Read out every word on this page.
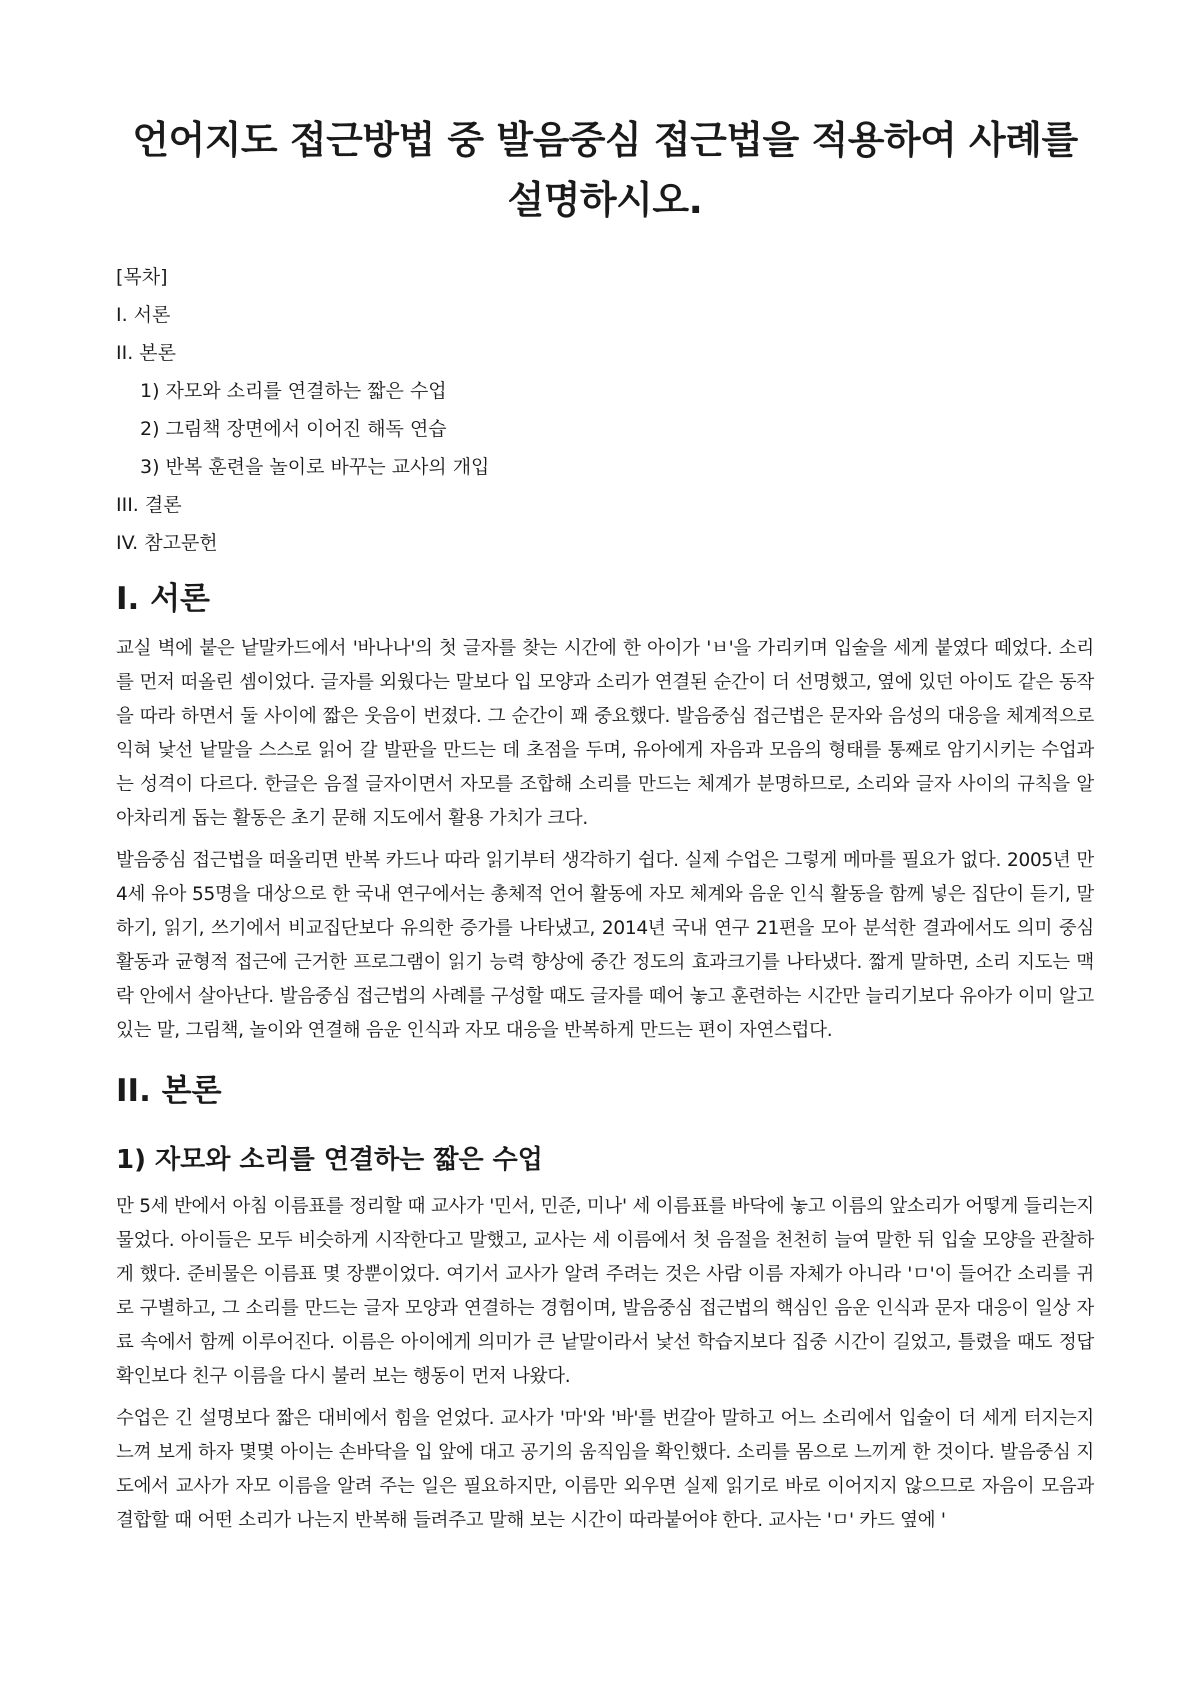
언어지도 접근방법 중 발음중심 접근법을 적용하여 사례를 설명하시오.
[목차]
I. 서론
II. 본론
1) 자모와 소리를 연결하는 짧은 수업
2) 그림책 장면에서 이어진 해독 연습
3) 반복 훈련을 놀이로 바꾸는 교사의 개입
III. 결론
IV. 참고문헌
I. 서론

교실 벽에 붙은 낱말카드에서 '바나나'의 첫 글자를 찾는 시간에 한 아이가 'ㅂ'을 가리키며 입술을 세게 붙였다 떼었다. 소리를 먼저 떠올린 셈이었다. 글자를 외웠다는 말보다 입 모양과 소리가 연결된 순간이 더 선명했고, 옆에 있던 아이도 같은 동작을 따라 하면서 둘 사이에 짧은 웃음이 번졌다. 그 순간이 꽤 중요했다. 발음중심 접근법은 문자와 음성의 대응을 체계적으로 익혀 낯선 낱말을 스스로 읽어 갈 발판을 만드는 데 초점을 두며, 유아에게 자음과 모음의 형태를 통째로 암기시키는 수업과는 성격이 다르다. 한글은 음절 글자이면서 자모를 조합해 소리를 만드는 체계가 분명하므로, 소리와 글자 사이의 규칙을 알아차리게 돕는 활동은 초기 문해 지도에서 활용 가치가 크다.

발음중심 접근법을 떠올리면 반복 카드나 따라 읽기부터 생각하기 쉽다. 실제 수업은 그렇게 메마를 필요가 없다. 2005년 만 4세 유아 55명을 대상으로 한 국내 연구에서는 총체적 언어 활동에 자모 체계와 음운 인식 활동을 함께 넣은 집단이 듣기, 말하기, 읽기, 쓰기에서 비교집단보다 유의한 증가를 나타냈고, 2014년 국내 연구 21편을 모아 분석한 결과에서도 의미 중심 활동과 균형적 접근에 근거한 프로그램이 읽기 능력 향상에 중간 정도의 효과크기를 나타냈다. 짧게 말하면, 소리 지도는 맥락 안에서 살아난다. 발음중심 접근법의 사례를 구성할 때도 글자를 떼어 놓고 훈련하는 시간만 늘리기보다 유아가 이미 알고 있는 말, 그림책, 놀이와 연결해 음운 인식과 자모 대응을 반복하게 만드는 편이 자연스럽다.

II. 본론
1) 자모와 소리를 연결하는 짧은 수업

만 5세 반에서 아침 이름표를 정리할 때 교사가 '민서, 민준, 미나' 세 이름표를 바닥에 놓고 이름의 앞소리가 어떻게 들리는지 물었다. 아이들은 모두 비슷하게 시작한다고 말했고, 교사는 세 이름에서 첫 음절을 천천히 늘여 말한 뒤 입술 모양을 관찰하게 했다. 준비물은 이름표 몇 장뿐이었다. 여기서 교사가 알려 주려는 것은 사람 이름 자체가 아니라 'ㅁ'이 들어간 소리를 귀로 구별하고, 그 소리를 만드는 글자 모양과 연결하는 경험이며, 발음중심 접근법의 핵심인 음운 인식과 문자 대응이 일상 자료 속에서 함께 이루어진다. 이름은 아이에게 의미가 큰 낱말이라서 낯선 학습지보다 집중 시간이 길었고, 틀렸을 때도 정답 확인보다 친구 이름을 다시 불러 보는 행동이 먼저 나왔다.

수업은 긴 설명보다 짧은 대비에서 힘을 얻었다. 교사가 '마'와 '바'를 번갈아 말하고 어느 소리에서 입술이 더 세게 터지는지 느껴 보게 하자 몇몇 아이는 손바닥을 입 앞에 대고 공기의 움직임을 확인했다. 소리를 몸으로 느끼게 한 것이다. 발음중심 지도에서 교사가 자모 이름을 알려 주는 일은 필요하지만, 이름만 외우면 실제 읽기로 바로 이어지지 않으므로 자음이 모음과 결합할 때 어떤 소리가 나는지 반복해 들려주고 말해 보는 시간이 따라붙어야 한다. 교사는 'ㅁ' 카드 옆에 '
